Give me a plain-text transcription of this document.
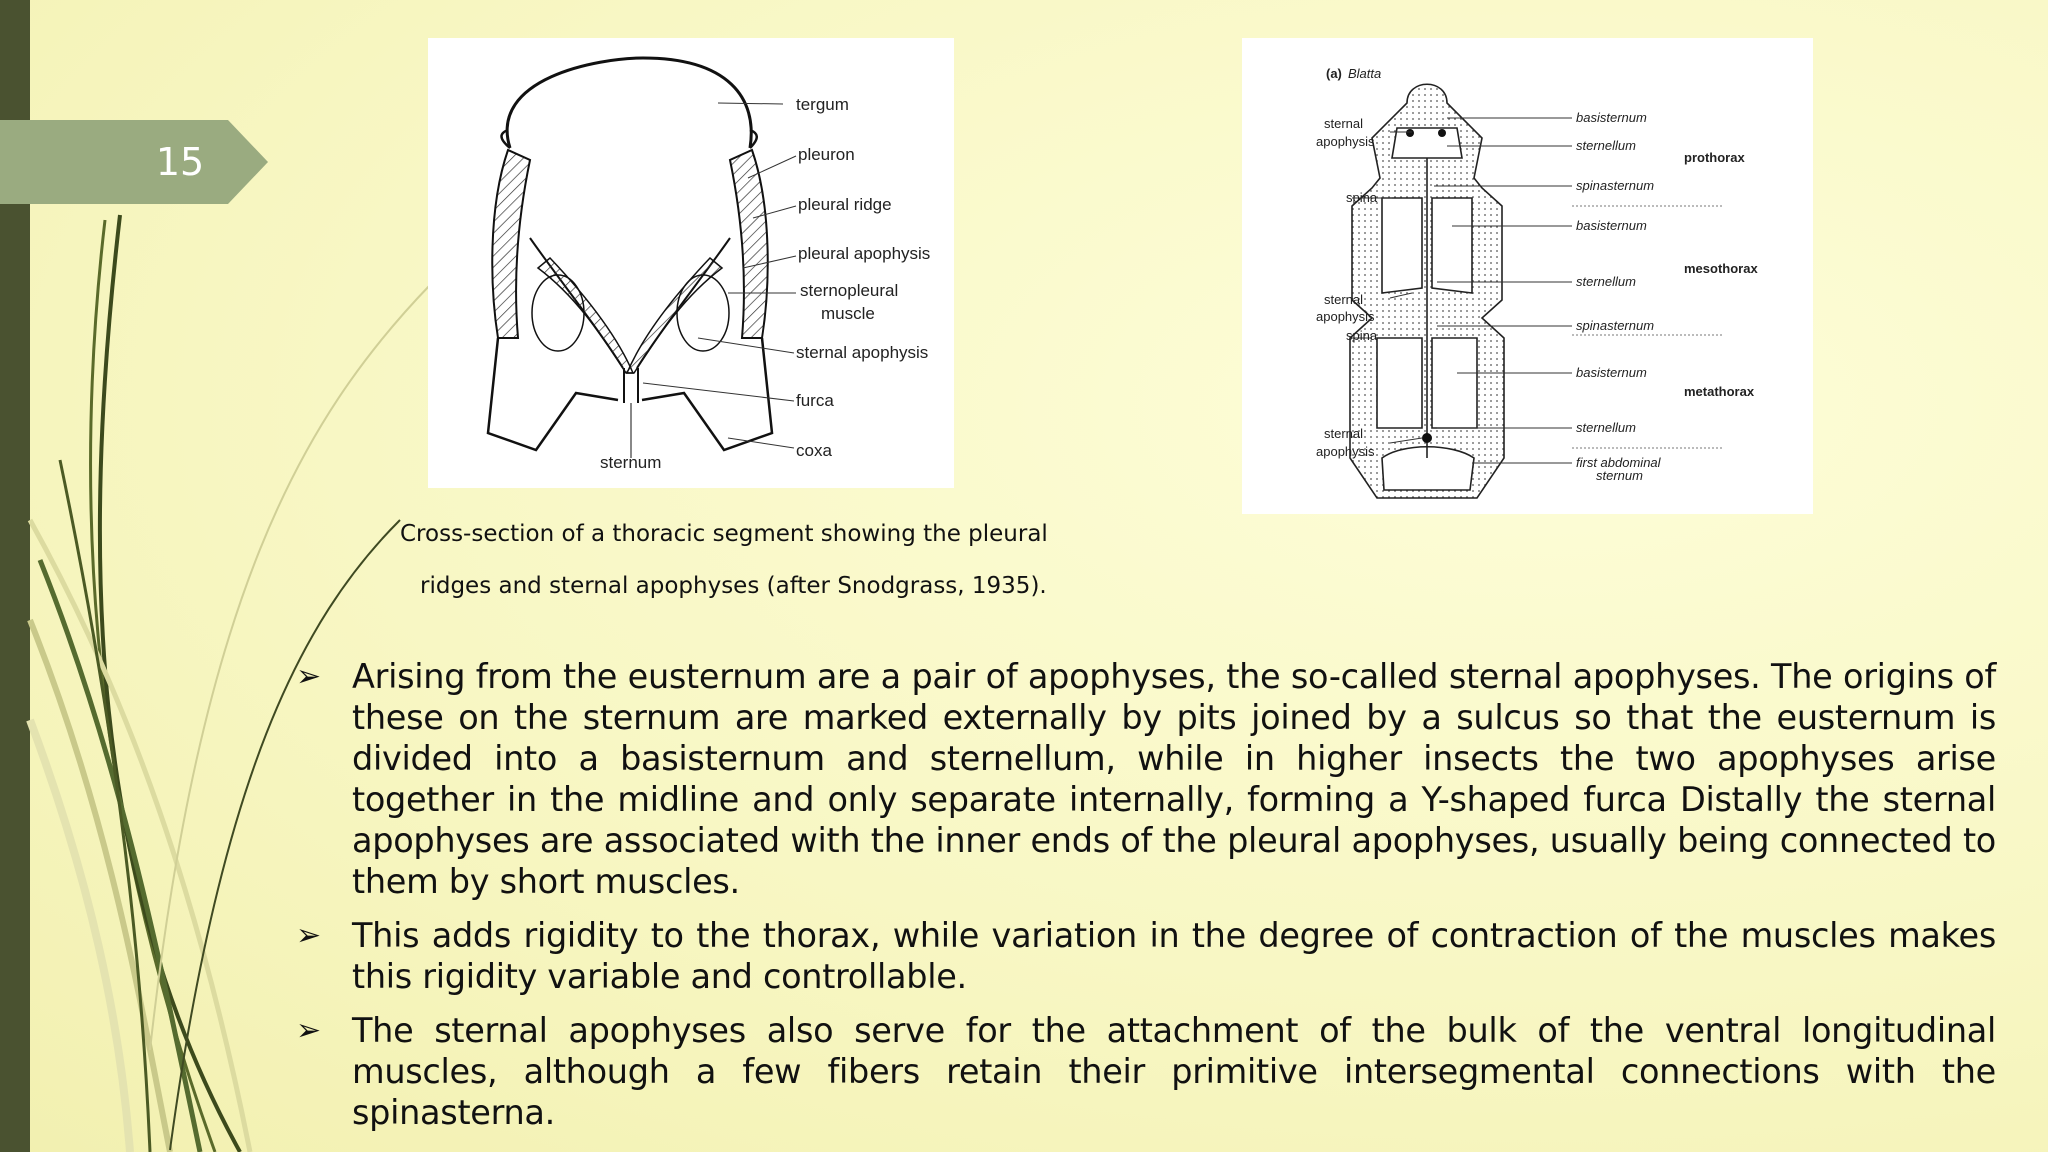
15
tergum
pleuron
pleural ridge
pleural apophysis
sternopleural
muscle
sternal apophysis
furca
coxa
sternum
(a) Blatta
sternal
apophysis
spina
sternal
apophysis
spina
sternal
apophysis
basisternum
sternellum
spinasternum
basisternum
sternellum
spinasternum
basisternum
sternellum
first abdominal
sternum
prothorax
mesothorax
metathorax
Cross-section of a thoracic segment showing the pleural
ridges and sternal apophyses (after Snodgrass, 1935).
➢ Arising from the eusternum are a pair of apophyses, the so-called sternal apophyses. The origins of these on the sternum are marked externally by pits joined by a sulcus so that the eusternum is divided into a basisternum and sternellum, while in higher insects the two apophyses arise together in the midline and only separate internally, forming a Y-shaped furca Distally the sternal apophyses are associated with the inner ends of the pleural apophyses, usually being connected to them by short muscles.
➢ This adds rigidity to the thorax, while variation in the degree of contraction of the muscles makes this rigidity variable and controllable.
➢ The sternal apophyses also serve for the attachment of the bulk of the ventral longitudinal muscles, although a few fibers retain their primitive intersegmental connections with the spinasterna.
